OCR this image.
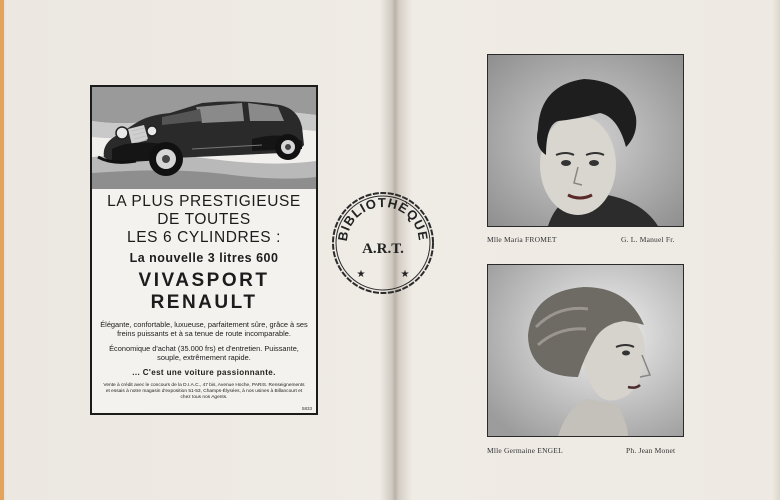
LA PLUS PRESTIGIEUSE
DE TOUTES
LES 6 CYLINDRES :
La nouvelle 3 litres 600
VIVASPORT
RENAULT
Élégante, confortable, luxueuse, parfaitement sûre, grâce à ses freins puissants et à sa tenue de route incomparable.
Économique d'achat (35.000 frs) et d'entretien. Puissante, souple, extrêmement rapide.
... C'est une voiture passionnante.
Vente à crédit avec le concours de la D.I.A.C., 47 bis, Avenue Hoche, PARIS. Renseignements et essais à notre magasin d'exposition 51-53, Champs-Élysées, à nos usines à Billancourt et chez tous nos Agents.
5833
BIBLIOTHÈQUE
A.R.T.
★	★
Mlle Maria FROMET	G. L. Manuel Fr.
Mlle Germaine ENGEL	Ph. Jean Monet
